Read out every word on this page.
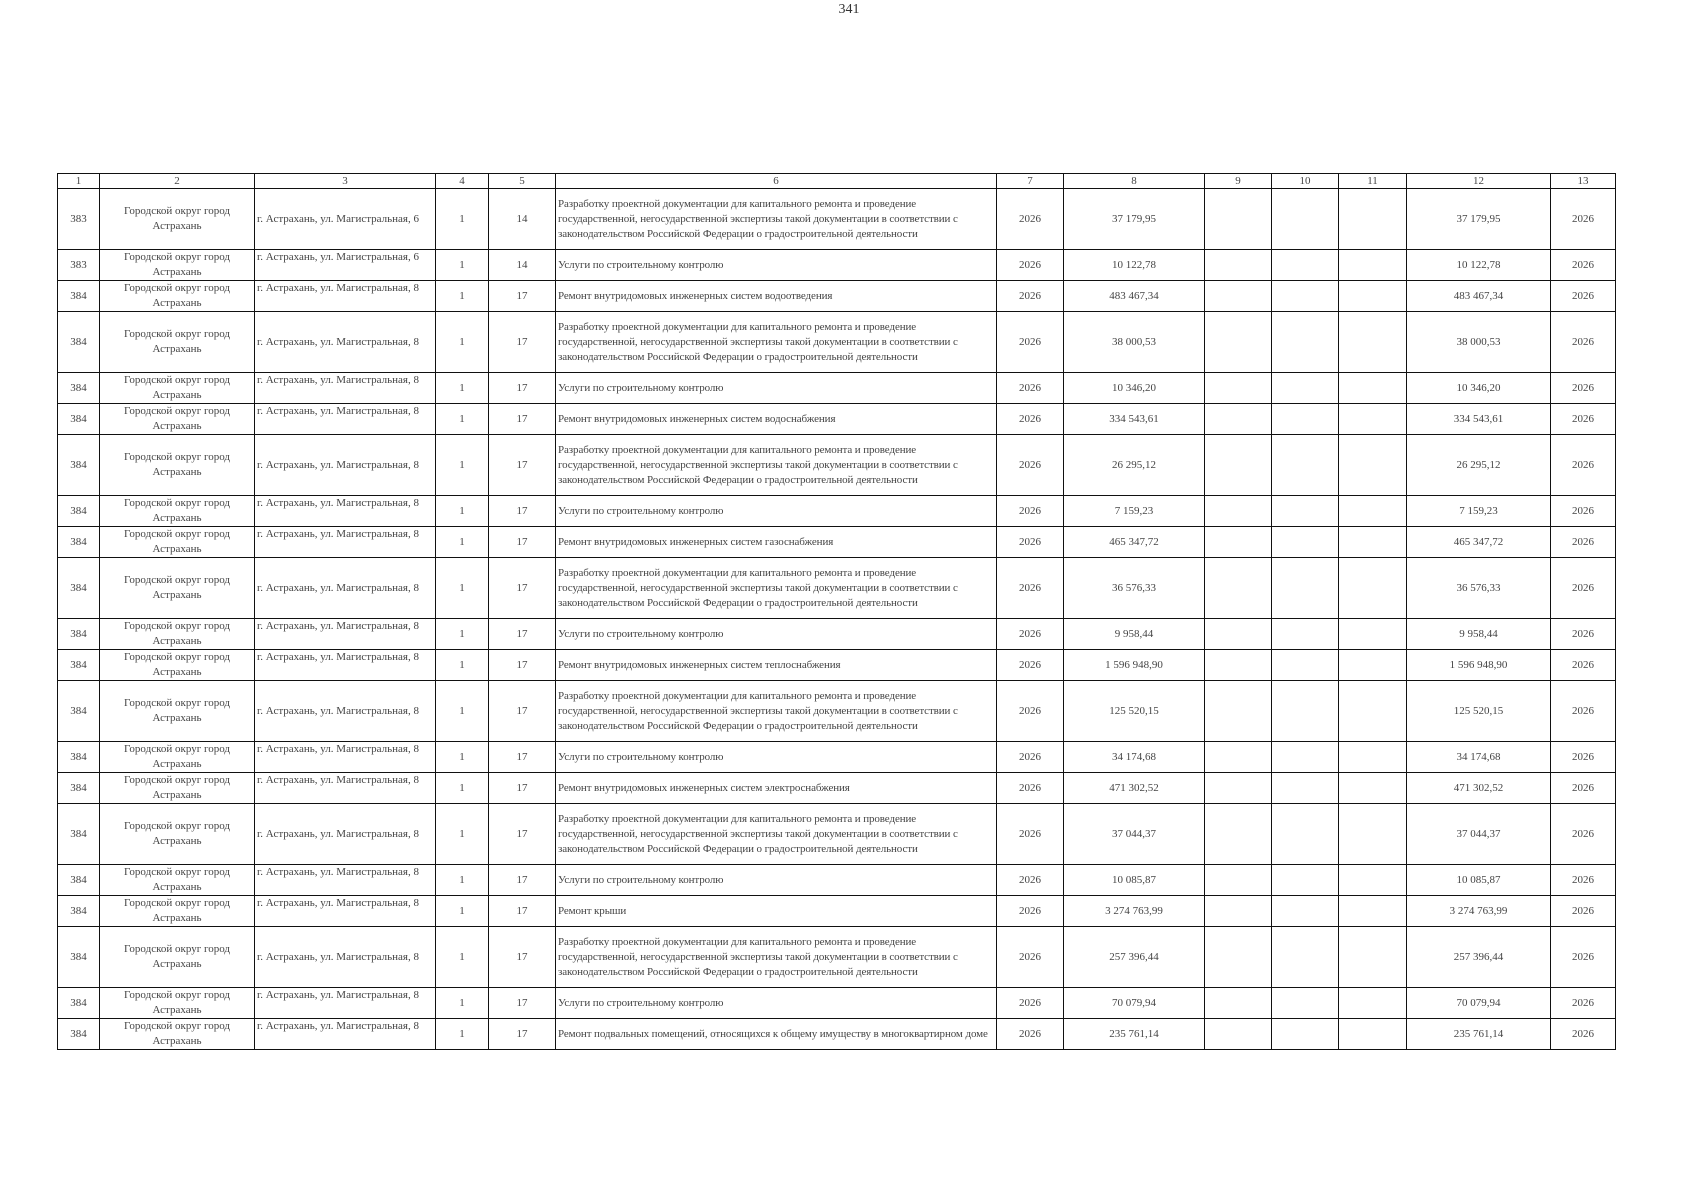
341
1	2	3	4	5	6	7	8	9	10	11	12	13
383	Городской округ город Астрахань	г. Астрахань, ул. Магистральная, 6	1	14	Разработку проектной документации для капитального ремонта и проведение государственной, негосударственной экспертизы такой документации в соответствии с законодательством Российской Федерации о градостроительной деятельности	2026	37 179,95				37 179,95	2026
383	Городской округ город Астрахань	г. Астрахань, ул. Магистральная, 6	1	14	Услуги по строительному контролю	2026	10 122,78				10 122,78	2026
384	Городской округ город Астрахань	г. Астрахань, ул. Магистральная, 8	1	17	Ремонт внутридомовых инженерных систем водоотведения	2026	483 467,34				483 467,34	2026
384	Городской округ город Астрахань	г. Астрахань, ул. Магистральная, 8	1	17	Разработку проектной документации для капитального ремонта и проведение государственной, негосударственной экспертизы такой документации в соответствии с законодательством Российской Федерации о градостроительной деятельности	2026	38 000,53				38 000,53	2026
384	Городской округ город Астрахань	г. Астрахань, ул. Магистральная, 8	1	17	Услуги по строительному контролю	2026	10 346,20				10 346,20	2026
384	Городской округ город Астрахань	г. Астрахань, ул. Магистральная, 8	1	17	Ремонт внутридомовых инженерных систем водоснабжения	2026	334 543,61				334 543,61	2026
384	Городской округ город Астрахань	г. Астрахань, ул. Магистральная, 8	1	17	Разработку проектной документации для капитального ремонта и проведение государственной, негосударственной экспертизы такой документации в соответствии с законодательством Российской Федерации о градостроительной деятельности	2026	26 295,12				26 295,12	2026
384	Городской округ город Астрахань	г. Астрахань, ул. Магистральная, 8	1	17	Услуги по строительному контролю	2026	7 159,23				7 159,23	2026
384	Городской округ город Астрахань	г. Астрахань, ул. Магистральная, 8	1	17	Ремонт внутридомовых инженерных систем газоснабжения	2026	465 347,72				465 347,72	2026
384	Городской округ город Астрахань	г. Астрахань, ул. Магистральная, 8	1	17	Разработку проектной документации для капитального ремонта и проведение государственной, негосударственной экспертизы такой документации в соответствии с законодательством Российской Федерации о градостроительной деятельности	2026	36 576,33				36 576,33	2026
384	Городской округ город Астрахань	г. Астрахань, ул. Магистральная, 8	1	17	Услуги по строительному контролю	2026	9 958,44				9 958,44	2026
384	Городской округ город Астрахань	г. Астрахань, ул. Магистральная, 8	1	17	Ремонт внутридомовых инженерных систем теплоснабжения	2026	1 596 948,90				1 596 948,90	2026
384	Городской округ город Астрахань	г. Астрахань, ул. Магистральная, 8	1	17	Разработку проектной документации для капитального ремонта и проведение государственной, негосударственной экспертизы такой документации в соответствии с законодательством Российской Федерации о градостроительной деятельности	2026	125 520,15				125 520,15	2026
384	Городской округ город Астрахань	г. Астрахань, ул. Магистральная, 8	1	17	Услуги по строительному контролю	2026	34 174,68				34 174,68	2026
384	Городской округ город Астрахань	г. Астрахань, ул. Магистральная, 8	1	17	Ремонт внутридомовых инженерных систем электроснабжения	2026	471 302,52				471 302,52	2026
384	Городской округ город Астрахань	г. Астрахань, ул. Магистральная, 8	1	17	Разработку проектной документации для капитального ремонта и проведение государственной, негосударственной экспертизы такой документации в соответствии с законодательством Российской Федерации о градостроительной деятельности	2026	37 044,37				37 044,37	2026
384	Городской округ город Астрахань	г. Астрахань, ул. Магистральная, 8	1	17	Услуги по строительному контролю	2026	10 085,87				10 085,87	2026
384	Городской округ город Астрахань	г. Астрахань, ул. Магистральная, 8	1	17	Ремонт крыши	2026	3 274 763,99				3 274 763,99	2026
384	Городской округ город Астрахань	г. Астрахань, ул. Магистральная, 8	1	17	Разработку проектной документации для капитального ремонта и проведение государственной, негосударственной экспертизы такой документации в соответствии с законодательством Российской Федерации о градостроительной деятельности	2026	257 396,44				257 396,44	2026
384	Городской округ город Астрахань	г. Астрахань, ул. Магистральная, 8	1	17	Услуги по строительному контролю	2026	70 079,94				70 079,94	2026
384	Городской округ город Астрахань	г. Астрахань, ул. Магистральная, 8	1	17	Ремонт подвальных помещений, относящихся к общему имуществу в многоквартирном доме	2026	235 761,14				235 761,14	2026
